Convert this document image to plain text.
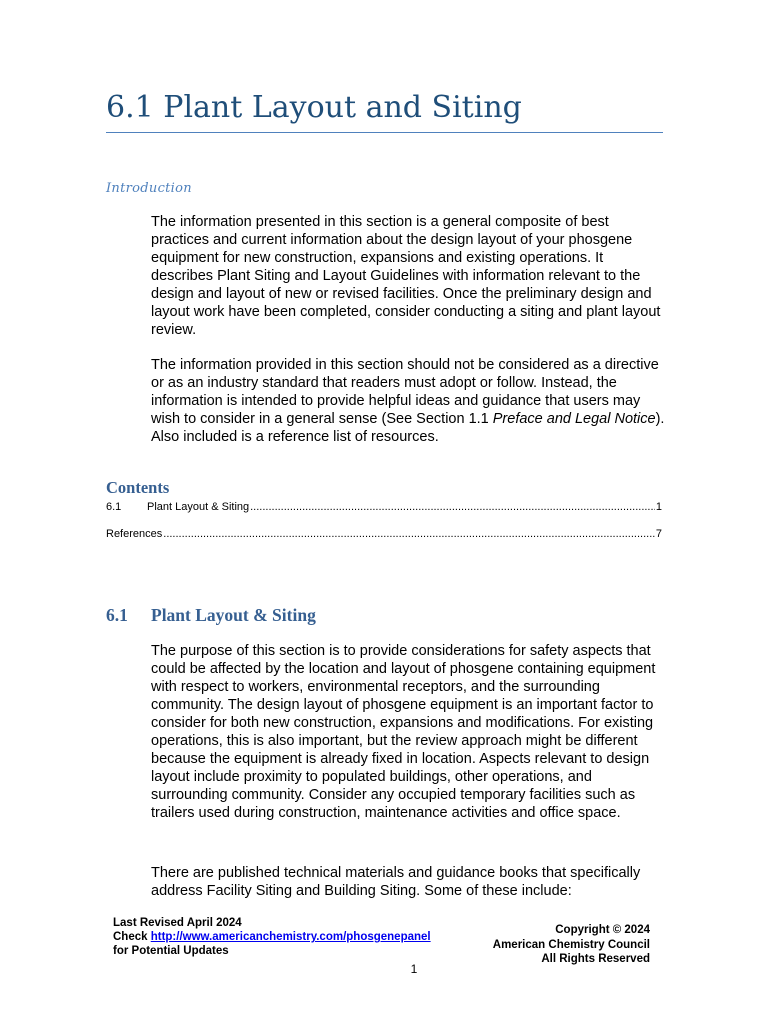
6.1 Plant Layout and Siting
Introduction

The information presented in this section is a general composite of best practices and current information about the design layout of your phosgene equipment for new construction, expansions and existing operations. It describes Plant Siting and Layout Guidelines with information relevant to the design and layout of new or revised facilities. Once the preliminary design and layout work have been completed, consider conducting a siting and plant layout review.

The information provided in this section should not be considered as a directive or as an industry standard that readers must adopt or follow. Instead, the information is intended to provide helpful ideas and guidance that users may wish to consider in a general sense (See Section 1.1 Preface and Legal Notice). Also included is a reference list of resources.

Contents
6.1	Plant Layout & Siting .....	1
References .....	7
6.1	Plant Layout & Siting

The purpose of this section is to provide considerations for safety aspects that could be affected by the location and layout of phosgene containing equipment with respect to workers, environmental receptors, and the surrounding community. The design layout of phosgene equipment is an important factor to consider for both new construction, expansions and modifications. For existing operations, this is also important, but the review approach might be different because the equipment is already fixed in location. Aspects relevant to design layout include proximity to populated buildings, other operations, and surrounding community. Consider any occupied temporary facilities such as trailers used during construction, maintenance activities and office space.

There are published technical materials and guidance books that specifically address Facility Siting and Building Siting. Some of these include:

Last Revised April 2024
Check http://www.americanchemistry.com/phosgenepanel
for Potential Updates
Copyright © 2024
American Chemistry Council
All Rights Reserved
1
